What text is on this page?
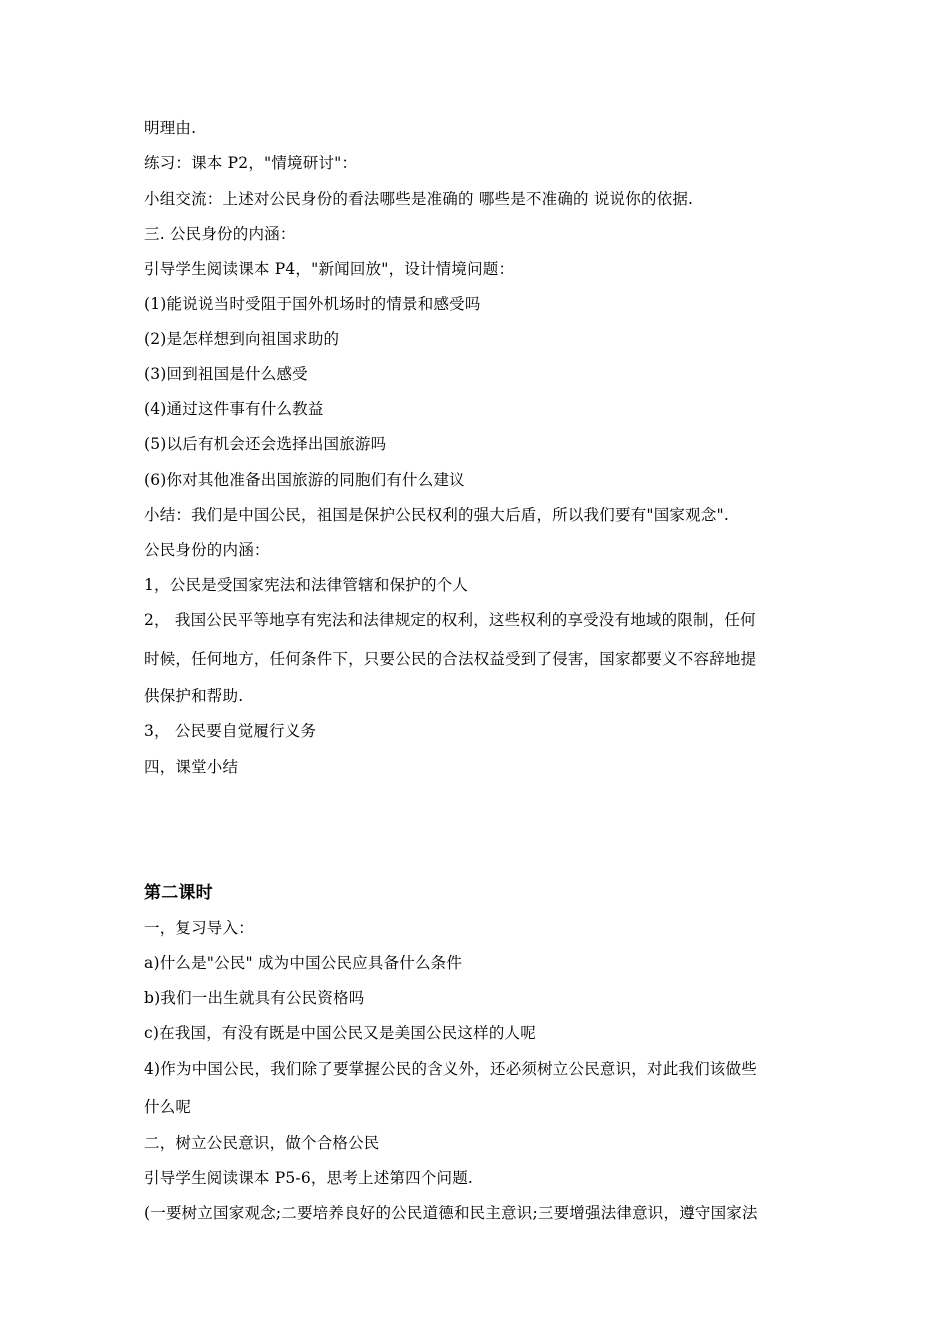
明理由.
练习：课本 P2，"情境研讨"：
小组交流：上述对公民身份的看法哪些是准确的 哪些是不准确的 说说你的依据.
三. 公民身份的内涵：
引导学生阅读课本 P4，"新闻回放"，设计情境问题：
(1)能说说当时受阻于国外机场时的情景和感受吗
(2)是怎样想到向祖国求助的
(3)回到祖国是什么感受
(4)通过这件事有什么教益
(5)以后有机会还会选择出国旅游吗
(6)你对其他准备出国旅游的同胞们有什么建议
小结：我们是中国公民，祖国是保护公民权利的强大后盾，所以我们要有"国家观念".
公民身份的内涵：
1，公民是受国家宪法和法律管辖和保护的个人
2， 我国公民平等地享有宪法和法律规定的权利，这些权利的享受没有地域的限制，任何
时候，任何地方，任何条件下，只要公民的合法权益受到了侵害，国家都要义不容辞地提
供保护和帮助.
3， 公民要自觉履行义务
四，课堂小结
第二课时
一，复习导入：
a)什么是"公民" 成为中国公民应具备什么条件
b)我们一出生就具有公民资格吗
c)在我国，有没有既是中国公民又是美国公民这样的人呢
4)作为中国公民，我们除了要掌握公民的含义外，还必须树立公民意识，对此我们该做些
什么呢
二，树立公民意识，做个合格公民
引导学生阅读课本 P5-6，思考上述第四个问题.
(一要树立国家观念;二要培养良好的公民道德和民主意识;三要增强法律意识，遵守国家法
